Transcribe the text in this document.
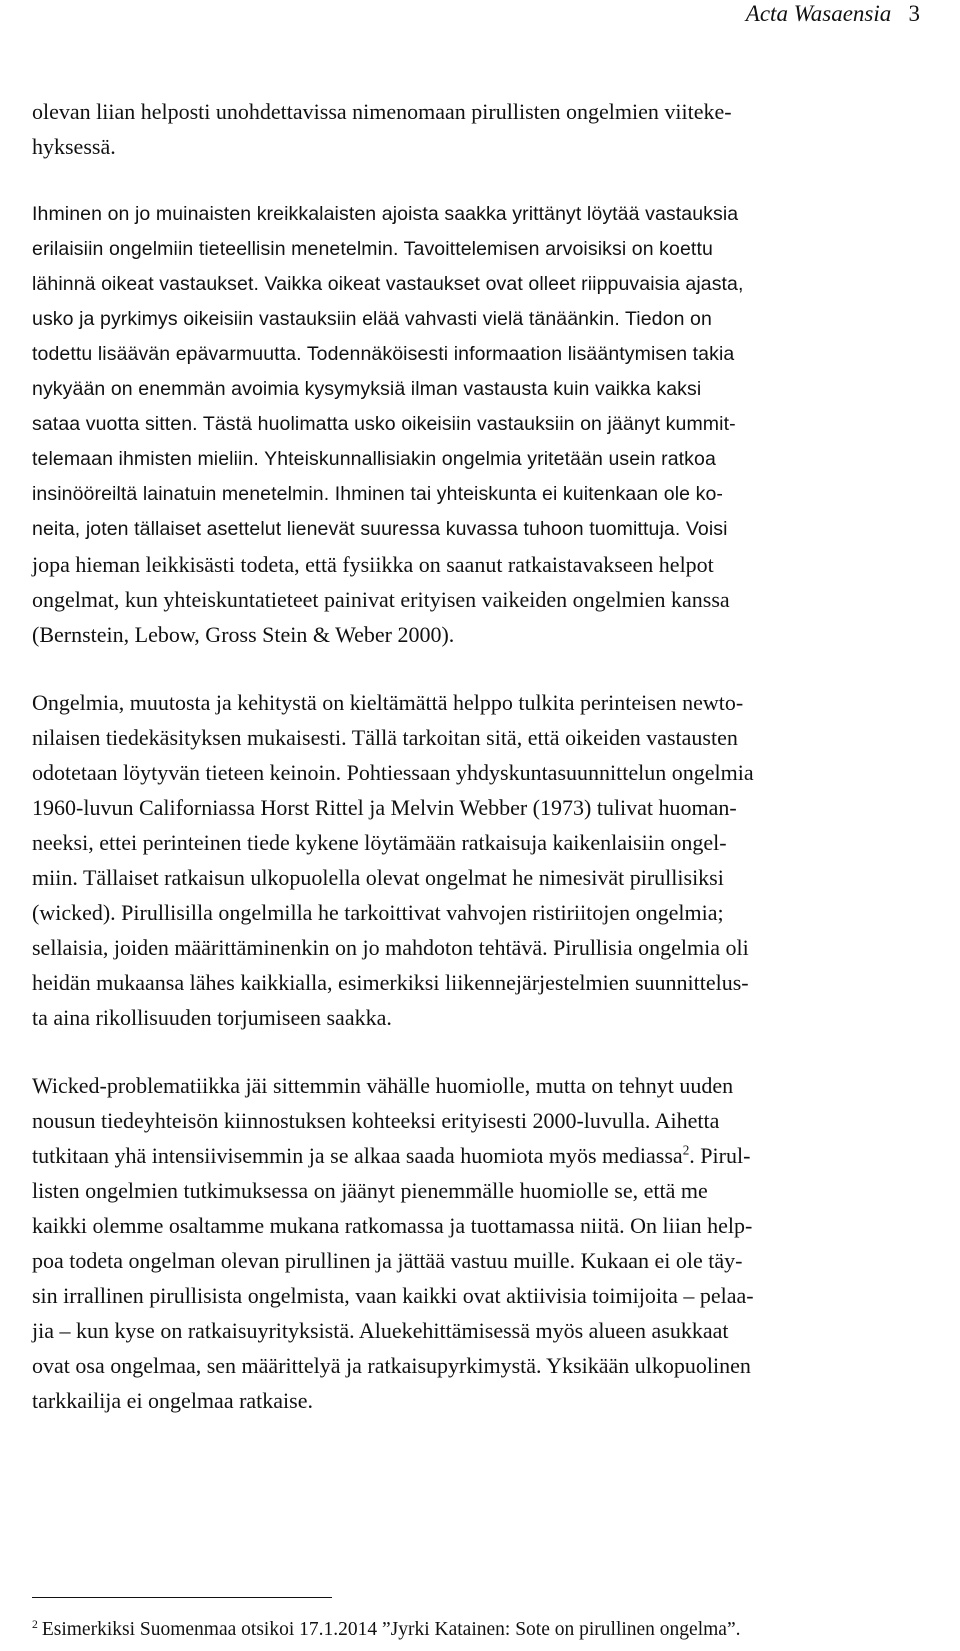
Acta Wasaensia 3

olevan liian helposti unohdettavissa nimenomaan pirullisten ongelmien viiteke-
hyksessä.

Ihminen on jo muinaisten kreikkalaisten ajoista saakka yrittänyt löytää vastauksia
erilaisiin ongelmiin tieteellisin menetelmin. Tavoittelemisen arvoisiksi on koettu
lähinnä oikeat vastaukset. Vaikka oikeat vastaukset ovat olleet riippuvaisia ajasta,
usko ja pyrkimys oikeisiin vastauksiin elää vahvasti vielä tänäänkin. Tiedon on
todettu lisäävän epävarmuutta. Todennäköisesti informaation lisääntymisen takia
nykyään on enemmän avoimia kysymyksiä ilman vastausta kuin vaikka kaksi
sataa vuotta sitten. Tästä huolimatta usko oikeisiin vastauksiin on jäänyt kummit-
telemaan ihmisten mieliin. Yhteiskunnallisiakin ongelmia yritetään usein ratkoa
insinööreiltä lainatuin menetelmin. Ihminen tai yhteiskunta ei kuitenkaan ole ko-
neita, joten tällaiset asettelut lienevät suuressa kuvassa tuhoon tuomittuja. Voisi

jopa hieman leikkisästi todeta, että fysiikka on saanut ratkaistavakseen helpot
ongelmat, kun yhteiskuntatieteet painivat erityisen vaikeiden ongelmien kanssa
(Bernstein, Lebow, Gross Stein & Weber 2000).

Ongelmia, muutosta ja kehitystä on kieltämättä helppo tulkita perinteisen newto-
nilaisen tiedekäsityksen mukaisesti. Tällä tarkoitan sitä, että oikeiden vastausten
odotetaan löytyvän tieteen keinoin. Pohtiessaan yhdyskuntasuunnittelun ongelmia
1960-luvun Californiassa Horst Rittel ja Melvin Webber (1973) tulivat huoman-
neeksi, ettei perinteinen tiede kykene löytämään ratkaisuja kaikenlaisiin ongel-
miin. Tällaiset ratkaisun ulkopuolella olevat ongelmat he nimesivät pirullisiksi
(wicked). Pirullisilla ongelmilla he tarkoittivat vahvojen ristiriitojen ongelmia;
sellaisia, joiden määrittäminenkin on jo mahdoton tehtävä. Pirullisia ongelmia oli
heidän mukaansa lähes kaikkialla, esimerkiksi liikennejärjestelmien suunnittelus-
ta aina rikollisuuden torjumiseen saakka.

Wicked-problematiikka jäi sittemmin vähälle huomiolle, mutta on tehnyt uuden
nousun tiedeyhteisön kiinnostuksen kohteeksi erityisesti 2000-luvulla. Aihetta
tutkitaan yhä intensiivisemmin ja se alkaa saada huomiota myös mediassa$^2$. Pirul-
listen ongelmien tutkimuksessa on jäänyt pienemmälle huomiolle se, että me
kaikki olemme osaltamme mukana ratkomassa ja tuottamassa niitä. On liian help-
poa todeta ongelman olevan pirullinen ja jättää vastuu muille. Kukaan ei ole täy-
sin irrallinen pirullisista ongelmista, vaan kaikki ovat aktiivisia toimijoita – pelaa-
jia – kun kyse on ratkaisuyrityksistä. Aluekehittämisessä myös alueen asukkaat
ovat osa ongelmaa, sen määrittelyä ja ratkaisupyrkimystä. Yksikään ulkopuolinen
tarkkailija ei ongelmaa ratkaise.

$^2$ Esimerkiksi Suomenmaa otsikoi 17.1.2014 ”Jyrki Katainen: Sote on pirullinen ongelma”.
